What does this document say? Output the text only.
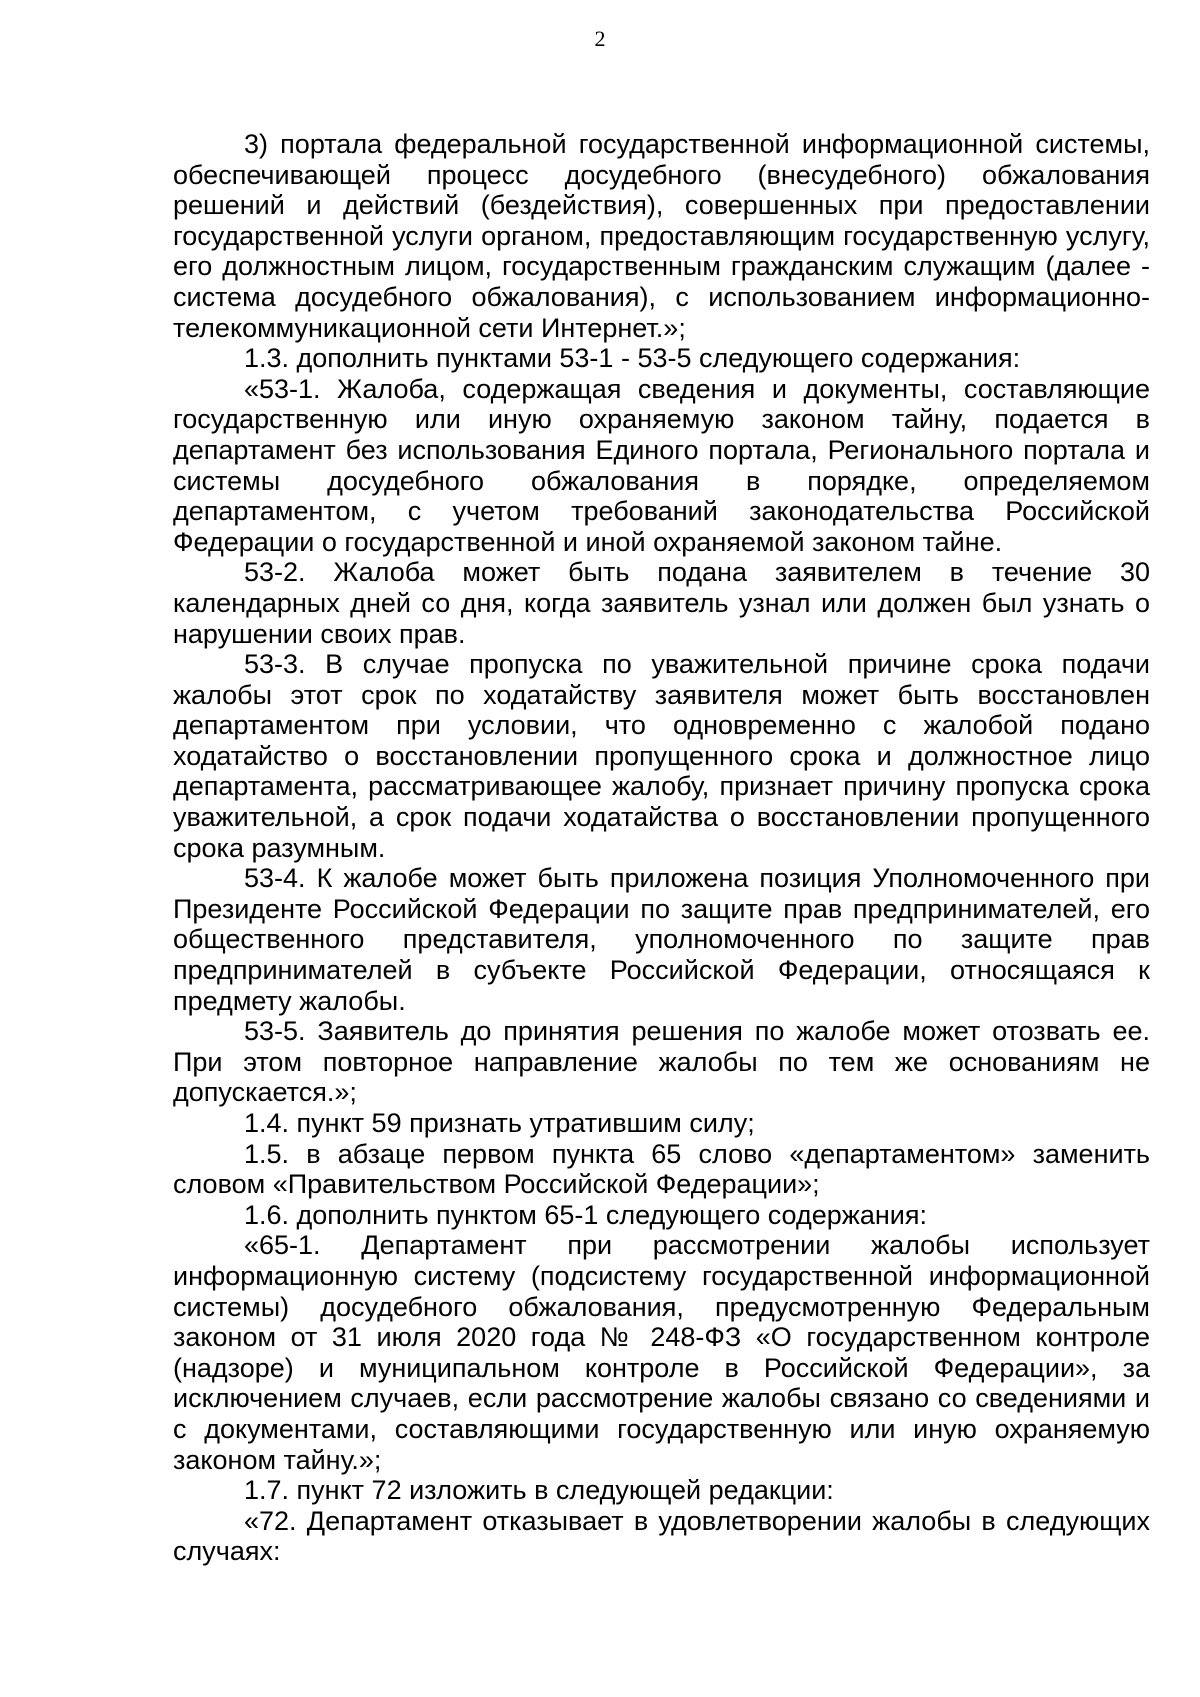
2

3) портала федеральной государственной информационной системы, обеспечивающей процесс досудебного (внесудебного) обжалования решений и действий (бездействия), совершенных при предоставлении государственной услуги органом, предоставляющим государственную услугу, его должностным лицом, государственным гражданским служащим (далее - система досудебного обжалования), с использованием информационно-телекоммуникационной сети Интернет.»;

1.3. дополнить пунктами 53-1 - 53-5 следующего содержания:

«53-1. Жалоба, содержащая сведения и документы, составляющие государственную или иную охраняемую законом тайну, подается в департамент без использования Единого портала, Регионального портала и системы досудебного обжалования в порядке, определяемом департаментом, с учетом требований законодательства Российской Федерации о государственной и иной охраняемой законом тайне.

53-2. Жалоба может быть подана заявителем в течение 30 календарных дней со дня, когда заявитель узнал или должен был узнать о нарушении своих прав.

53-3. В случае пропуска по уважительной причине срока подачи жалобы этот срок по ходатайству заявителя может быть восстановлен департаментом при условии, что одновременно с жалобой подано ходатайство о восстановлении пропущенного срока и должностное лицо департамента, рассматривающее жалобу, признает причину пропуска срока уважительной, а срок подачи ходатайства о восстановлении пропущенного срока разумным.

53-4. К жалобе может быть приложена позиция Уполномоченного при Президенте Российской Федерации по защите прав предпринимателей, его общественного представителя, уполномоченного по защите прав предпринимателей в субъекте Российской Федерации, относящаяся к предмету жалобы.

53-5. Заявитель до принятия решения по жалобе может отозвать ее. При этом повторное направление жалобы по тем же основаниям не допускается.»;

1.4. пункт 59 признать утратившим силу;

1.5. в абзаце первом пункта 65 слово «департаментом» заменить словом «Правительством Российской Федерации»;

1.6. дополнить пунктом 65-1 следующего содержания:

«65-1. Департамент при рассмотрении жалобы использует информационную систему (подсистему государственной информационной системы) досудебного обжалования, предусмотренную Федеральным законом от 31 июля 2020 года № 248-ФЗ «О государственном контроле (надзоре) и муниципальном контроле в Российской Федерации», за исключением случаев, если рассмотрение жалобы связано со сведениями и с документами, составляющими государственную или иную охраняемую законом тайну.»;

1.7. пункт 72 изложить в следующей редакции:

«72. Департамент отказывает в удовлетворении жалобы в следующих случаях:
